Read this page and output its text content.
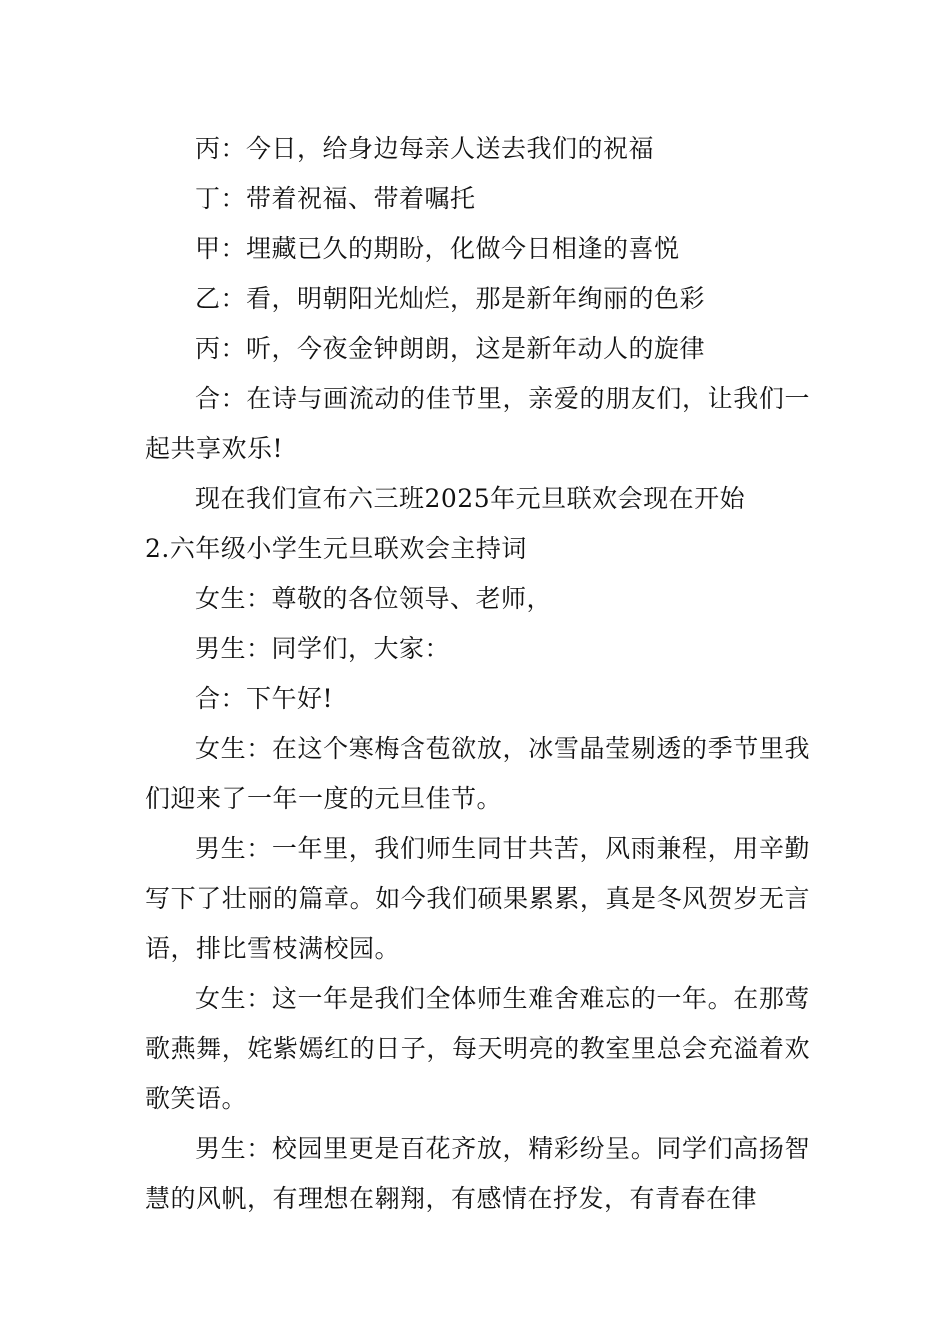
丙：今日，给身边每亲人送去我们的祝福

丁：带着祝福、带着嘱托

甲：埋藏已久的期盼，化做今日相逢的喜悦

乙：看，明朝阳光灿烂，那是新年绚丽的色彩

丙：听，今夜金钟朗朗，这是新年动人的旋律

合：在诗与画流动的佳节里，亲爱的朋友们，让我们一起共享欢乐!

现在我们宣布六三班2025年元旦联欢会现在开始

2.六年级小学生元旦联欢会主持词

女生：尊敬的各位领导、老师，

男生：同学们，大家：

合：下午好!

女生：在这个寒梅含苞欲放，冰雪晶莹剔透的季节里我们迎来了一年一度的元旦佳节。

男生：一年里，我们师生同甘共苦，风雨兼程，用辛勤写下了壮丽的篇章。如今我们硕果累累，真是冬风贺岁无言语，排比雪枝满校园。

女生：这一年是我们全体师生难舍难忘的一年。在那莺歌燕舞，姹紫嫣红的日子，每天明亮的教室里总会充溢着欢歌笑语。

男生：校园里更是百花齐放，精彩纷呈。同学们高扬智慧的风帆，有理想在翱翔，有感情在抒发，有青春在律
